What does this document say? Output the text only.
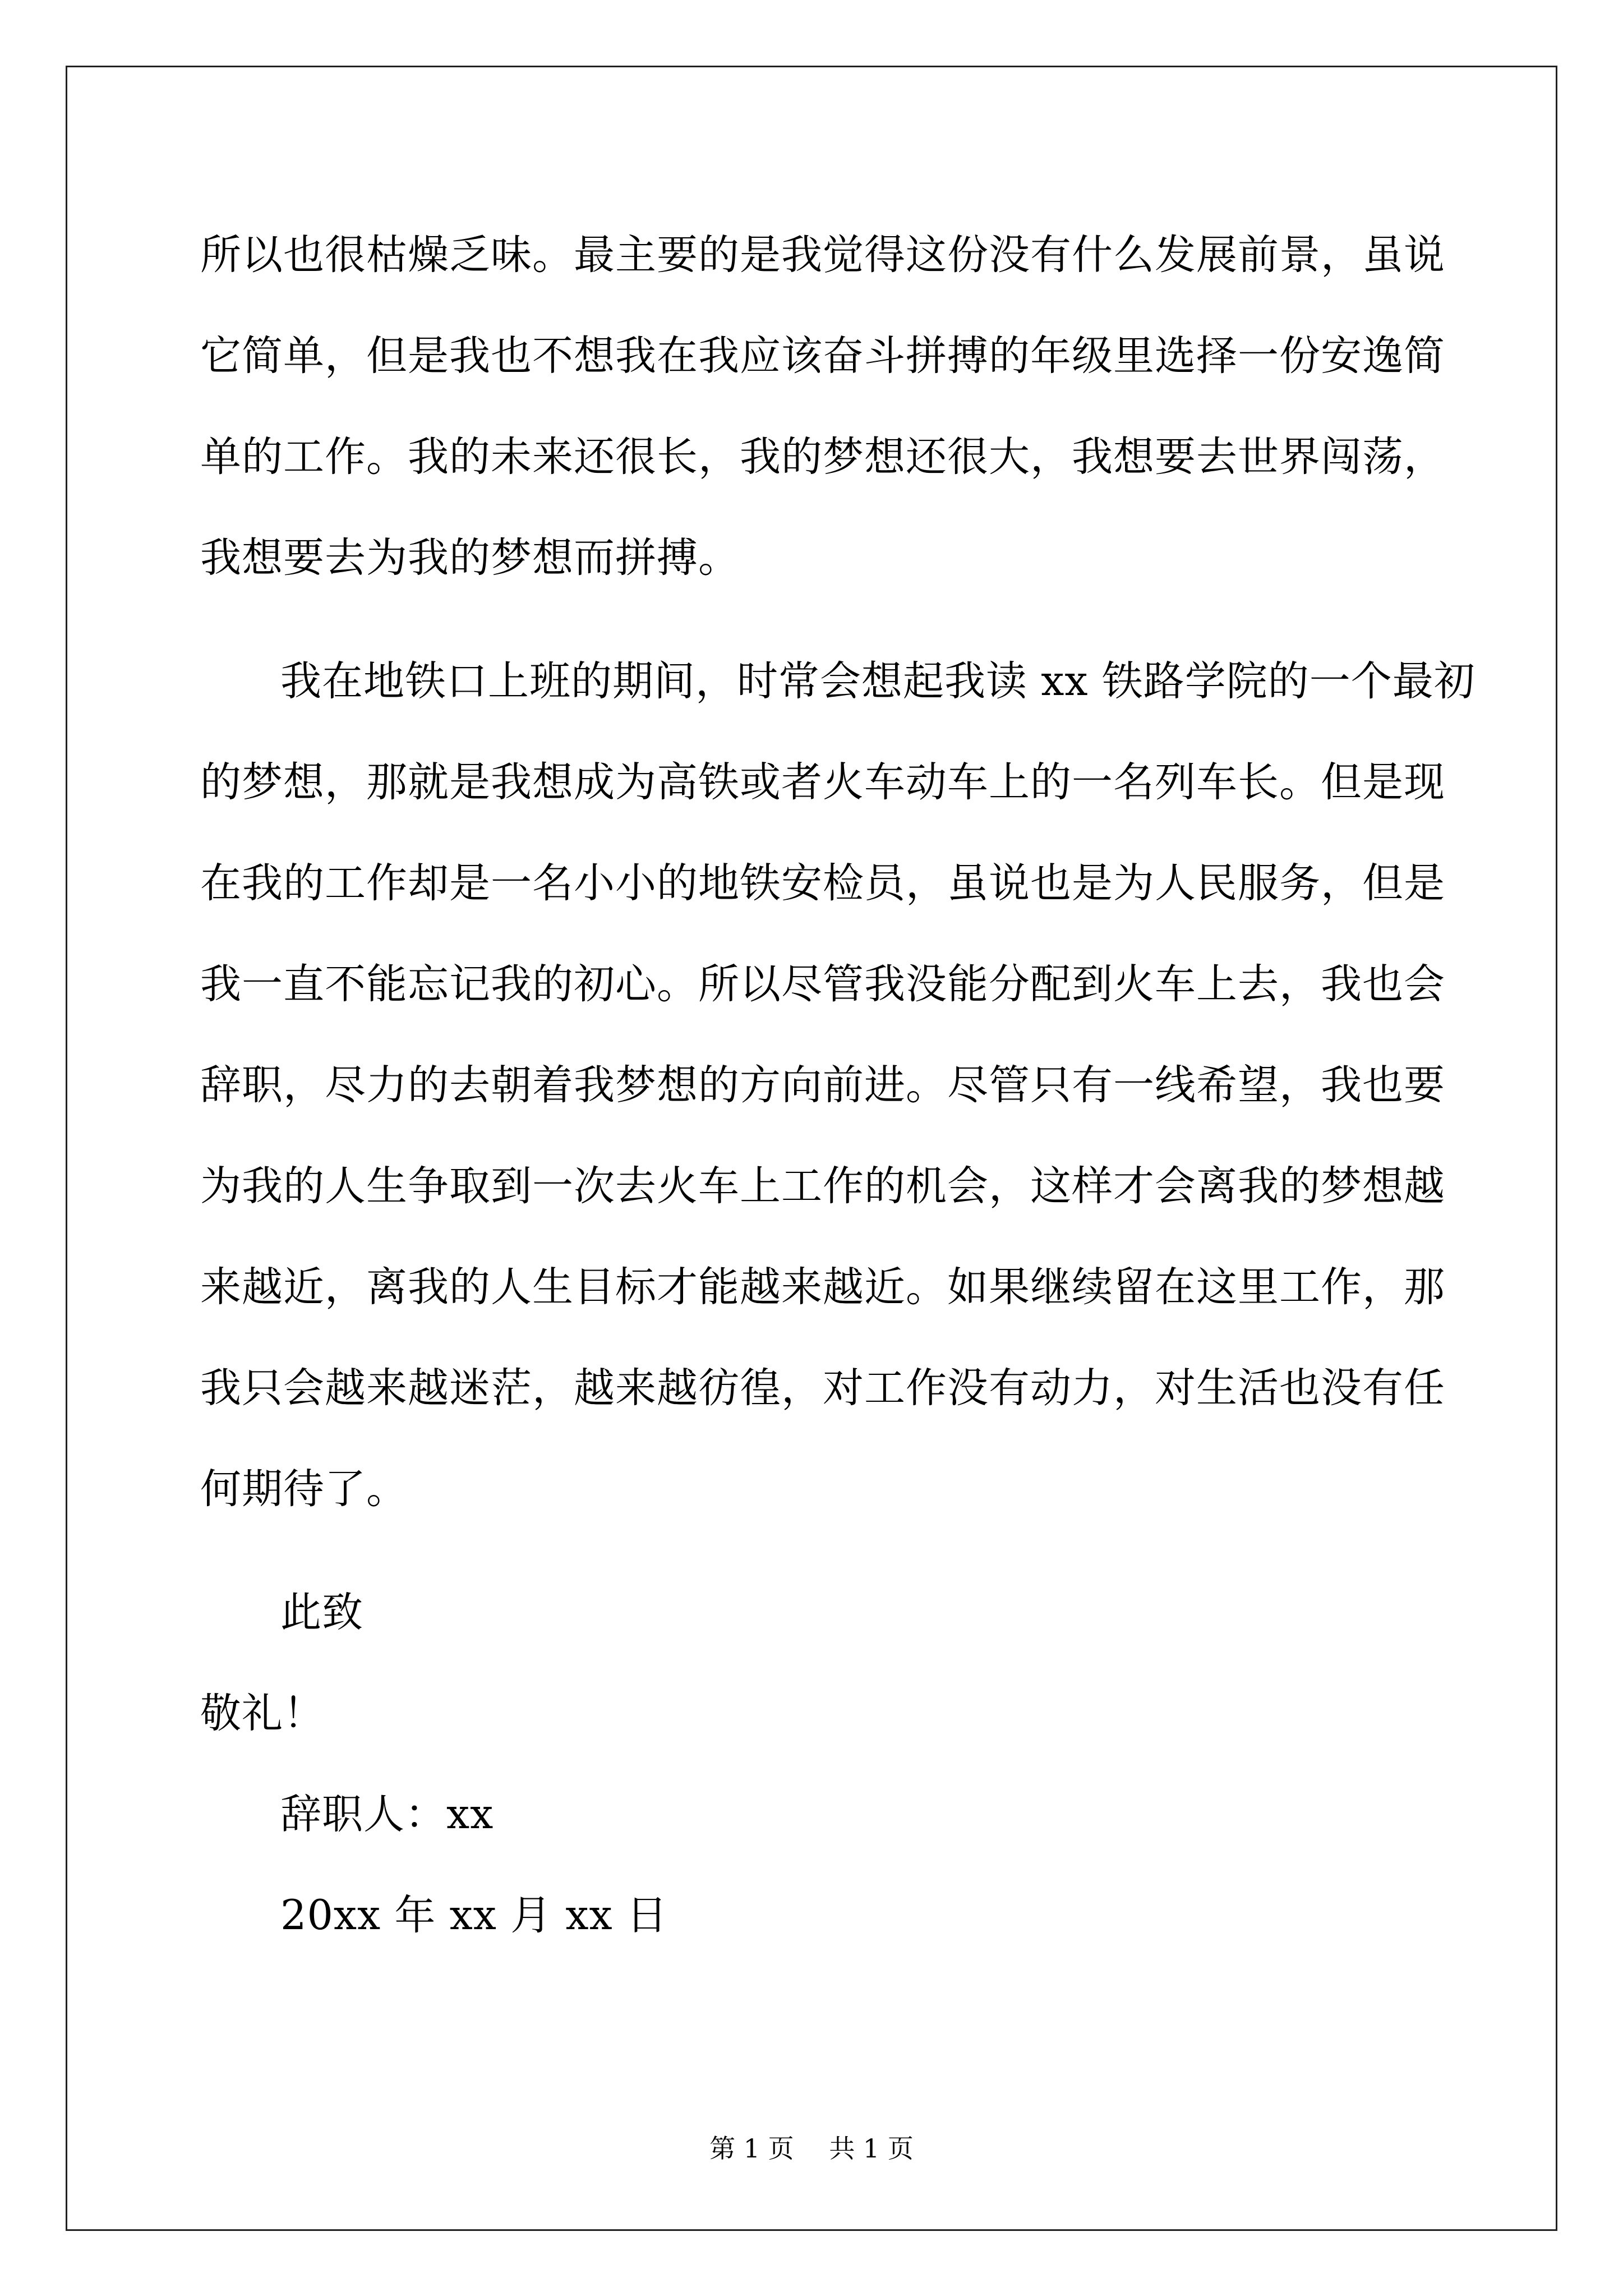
所以也很枯燥乏味。最主要的是我觉得这份没有什么发展前景，虽说
它简单，但是我也不想我在我应该奋斗拼搏的年级里选择一份安逸简
单的工作。我的未来还很长，我的梦想还很大，我想要去世界闯荡，
我想要去为我的梦想而拼搏。
我在地铁口上班的期间，时常会想起我读 xx 铁路学院的一个最初
的梦想，那就是我想成为高铁或者火车动车上的一名列车长。但是现
在我的工作却是一名小小的地铁安检员，虽说也是为人民服务，但是
我一直不能忘记我的初心。所以尽管我没能分配到火车上去，我也会
辞职，尽力的去朝着我梦想的方向前进。尽管只有一线希望，我也要
为我的人生争取到一次去火车上工作的机会，这样才会离我的梦想越
来越近，离我的人生目标才能越来越近。如果继续留在这里工作，那
我只会越来越迷茫，越来越彷徨，对工作没有动力，对生活也没有任
何期待了。
此致
敬礼！
辞职人：xx
20xx 年 xx 月 xx 日
第 1 页 共 1 页
